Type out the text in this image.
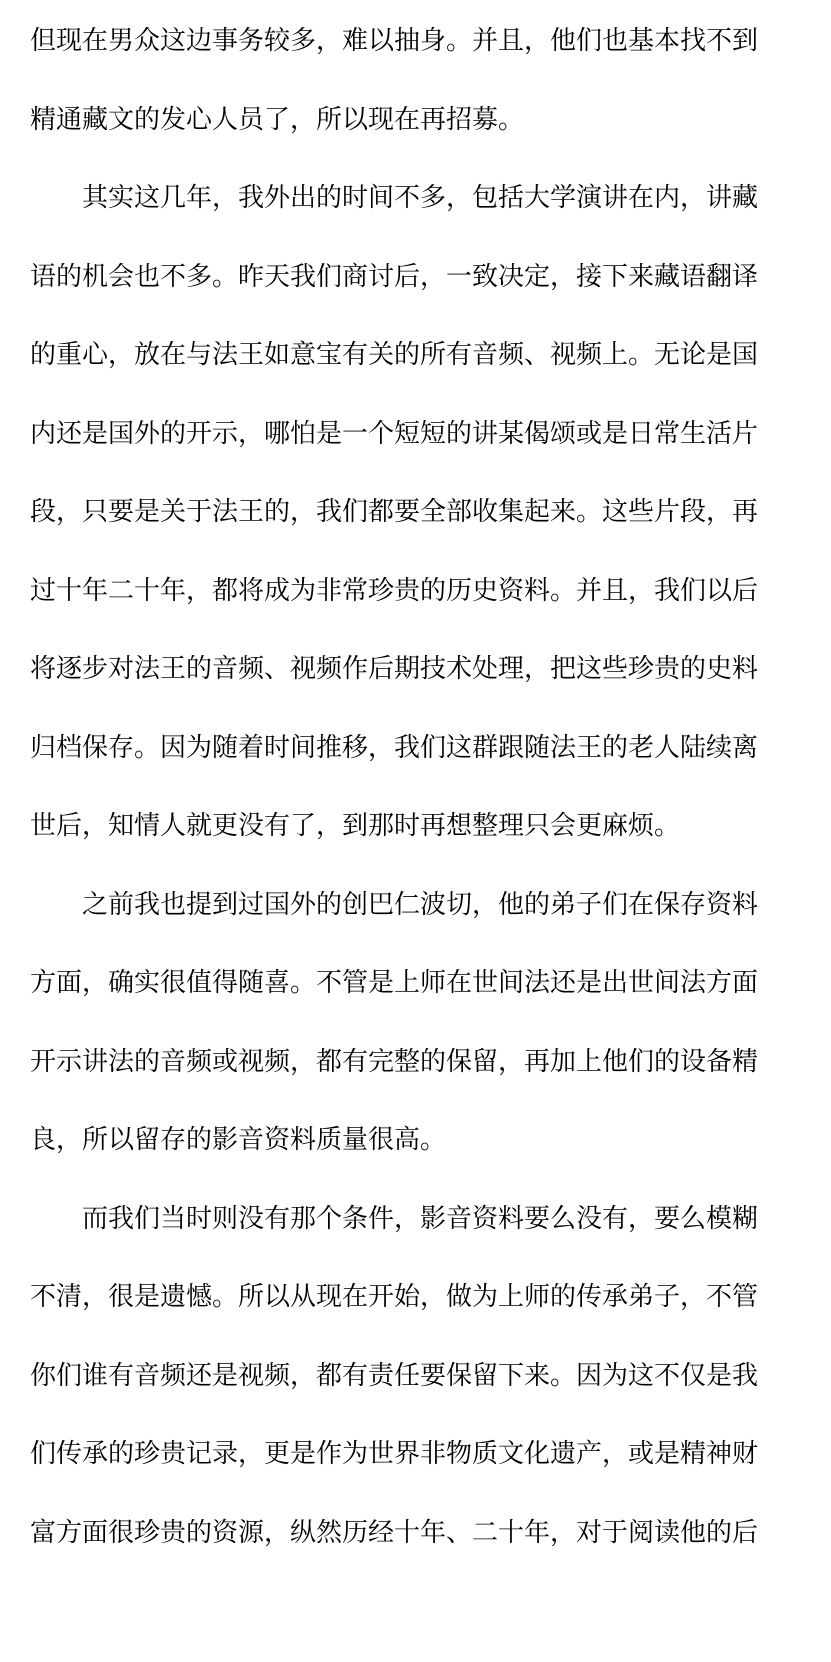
但现在男众这边事务较多，难以抽身。并且，他们也基本找不到
精通藏文的发心人员了，所以现在再招募。
其实这几年，我外出的时间不多，包括大学演讲在内，讲藏
语的机会也不多。昨天我们商讨后，一致决定，接下来藏语翻译
的重心，放在与法王如意宝有关的所有音频、视频上。无论是国
内还是国外的开示，哪怕是一个短短的讲某偈颂或是日常生活片
段，只要是关于法王的，我们都要全部收集起来。这些片段，再
过十年二十年，都将成为非常珍贵的历史资料。并且，我们以后
将逐步对法王的音频、视频作后期技术处理，把这些珍贵的史料
归档保存。因为随着时间推移，我们这群跟随法王的老人陆续离
世后，知情人就更没有了，到那时再想整理只会更麻烦。
之前我也提到过国外的创巴仁波切，他的弟子们在保存资料
方面，确实很值得随喜。不管是上师在世间法还是出世间法方面
开示讲法的音频或视频，都有完整的保留，再加上他们的设备精
良，所以留存的影音资料质量很高。
而我们当时则没有那个条件，影音资料要么没有，要么模糊
不清，很是遗憾。所以从现在开始，做为上师的传承弟子，不管
你们谁有音频还是视频，都有责任要保留下来。因为这不仅是我
们传承的珍贵记录，更是作为世界非物质文化遗产，或是精神财
富方面很珍贵的资源，纵然历经十年、二十年，对于阅读他的后
